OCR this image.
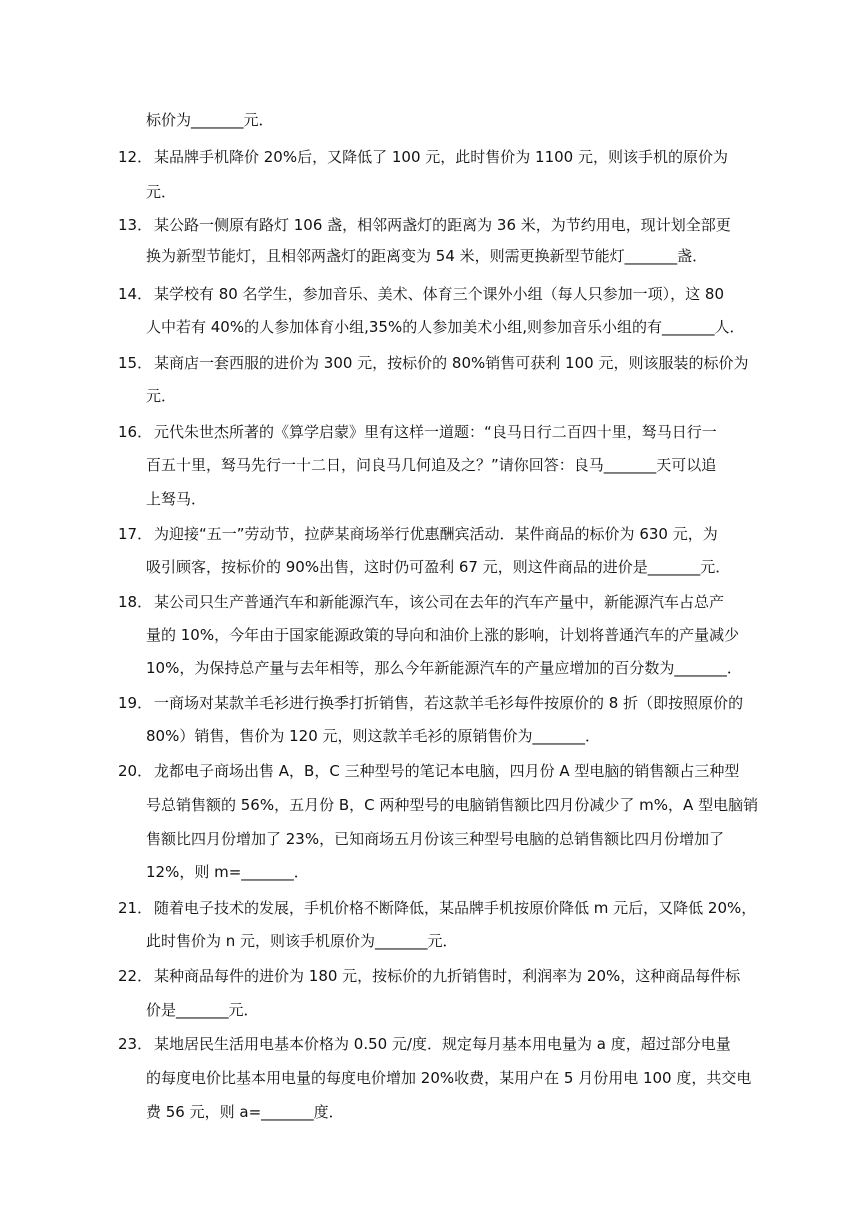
标价为_______元．
12． 某品牌手机降价 20%后，又降低了 100 元，此时售价为 1100 元，则该手机的原价为
元．
13． 某公路一侧原有路灯 106 盏，相邻两盏灯的距离为 36 米，为节约用电，现计划全部更
换为新型节能灯，且相邻两盏灯的距离变为 54 米，则需更换新型节能灯_______盏．
14． 某学校有 80 名学生，参加音乐、美术、体育三个课外小组（每人只参加一项），这 80
人中若有 40%的人参加体育小组,35%的人参加美术小组,则参加音乐小组的有_______人．
15． 某商店一套西服的进价为 300 元，按标价的 80%销售可获利 100 元，则该服装的标价为
元．
16． 元代朱世杰所著的《算学启蒙》里有这样一道题：“良马日行二百四十里，驽马日行一
百五十里，驽马先行一十二日，问良马几何追及之？”请你回答：良马_______天可以追
上驽马．
17． 为迎接“五一”劳动节，拉萨某商场举行优惠酬宾活动．某件商品的标价为 630 元，为
吸引顾客，按标价的 90%出售，这时仍可盈利 67 元，则这件商品的进价是_______元．
18． 某公司只生产普通汽车和新能源汽车，该公司在去年的汽车产量中，新能源汽车占总产
量的 10%，今年由于国家能源政策的导向和油价上涨的影响，计划将普通汽车的产量减少
10%，为保持总产量与去年相等，那么今年新能源汽车的产量应增加的百分数为_______．
19． 一商场对某款羊毛衫进行换季打折销售，若这款羊毛衫每件按原价的 8 折（即按照原价的
80%）销售，售价为 120 元，则这款羊毛衫的原销售价为_______．
20． 龙都电子商场出售 A，B，C 三种型号的笔记本电脑，四月份 A 型电脑的销售额占三种型
号总销售额的 56%，五月份 B，C 两种型号的电脑销售额比四月份减少了 m%，A 型电脑销
售额比四月份增加了 23%，已知商场五月份该三种型号电脑的总销售额比四月份增加了
12%，则 m=_______．
21． 随着电子技术的发展，手机价格不断降低，某品牌手机按原价降低 m 元后，又降低 20%，
此时售价为 n 元，则该手机原价为_______元．
22． 某种商品每件的进价为 180 元，按标价的九折销售时，利润率为 20%，这种商品每件标
价是_______元．
23． 某地居民生活用电基本价格为 0.50 元/度．规定每月基本用电量为 a 度，超过部分电量
的每度电价比基本用电量的每度电价增加 20%收费，某用户在 5 月份用电 100 度，共交电
费 56 元，则 a=_______度．
